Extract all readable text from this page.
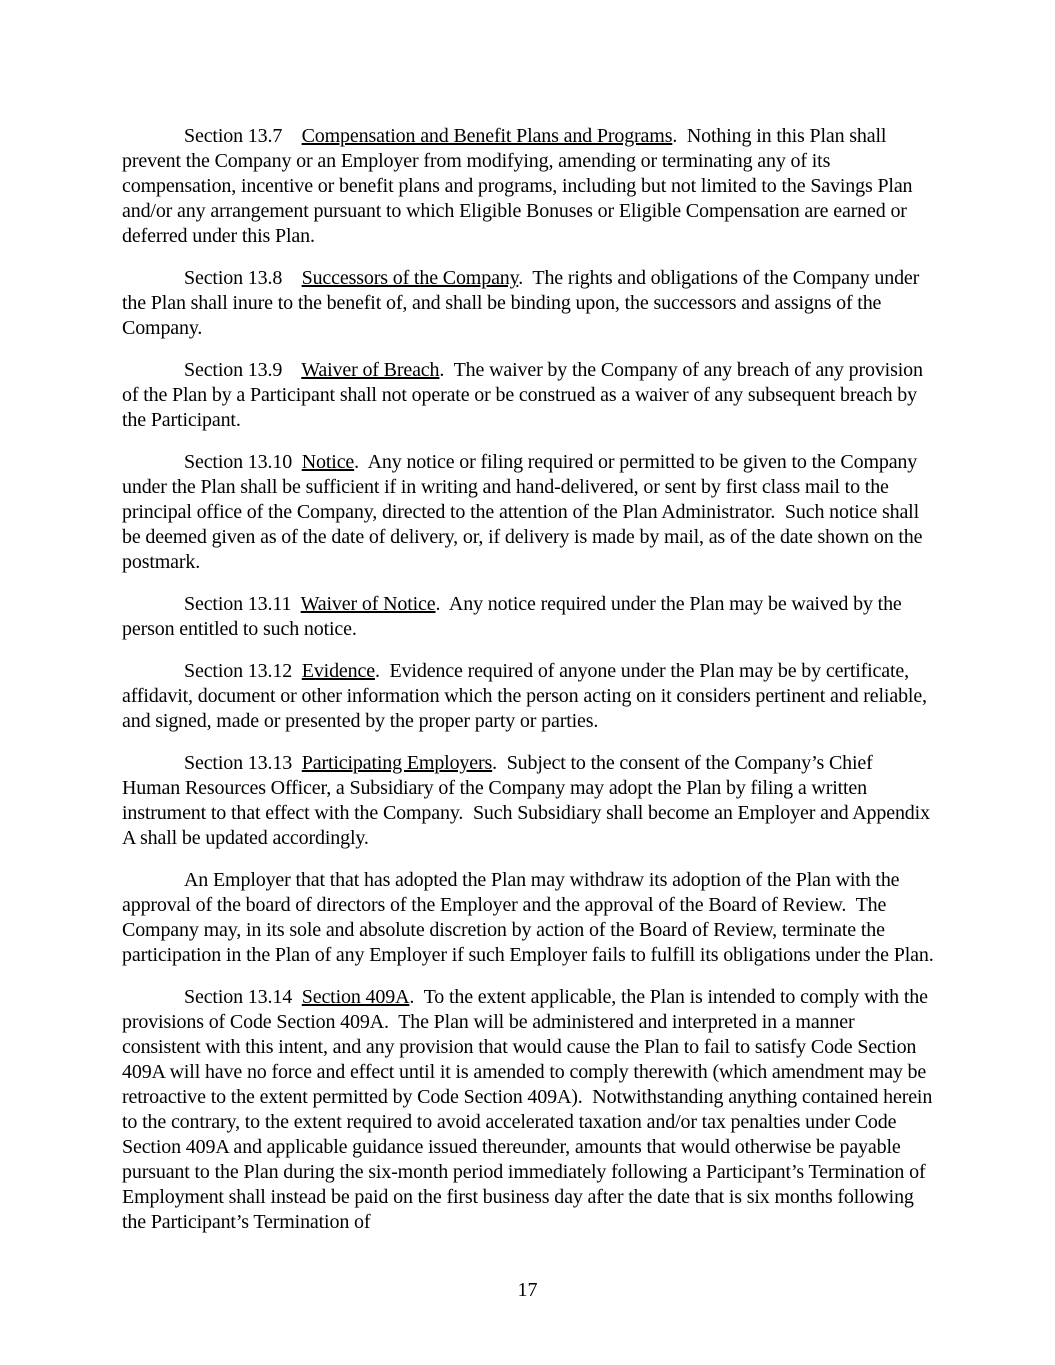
Section 13.7 Compensation and Benefit Plans and Programs.  Nothing in this Plan shall prevent the Company or an Employer from modifying, amending or terminating any of its compensation, incentive or benefit plans and programs, including but not limited to the Savings Plan and/or any arrangement pursuant to which Eligible Bonuses or Eligible Compensation are earned or deferred under this Plan.

Section 13.8 Successors of the Company.  The rights and obligations of the Company under the Plan shall inure to the benefit of, and shall be binding upon, the successors and assigns of the Company.

Section 13.9 Waiver of Breach.  The waiver by the Company of any breach of any provision of the Plan by a Participant shall not operate or be construed as a waiver of any subsequent breach by the Participant.

Section 13.10 Notice.  Any notice or filing required or permitted to be given to the Company under the Plan shall be sufficient if in writing and hand-delivered, or sent by first class mail to the principal office of the Company, directed to the attention of the Plan Administrator.  Such notice shall be deemed given as of the date of delivery, or, if delivery is made by mail, as of the date shown on the postmark.

Section 13.11 Waiver of Notice.  Any notice required under the Plan may be waived by the person entitled to such notice.

Section 13.12 Evidence.  Evidence required of anyone under the Plan may be by certificate, affidavit, document or other information which the person acting on it considers pertinent and reliable, and signed, made or presented by the proper party or parties.

Section 13.13 Participating Employers.  Subject to the consent of the Company’s Chief Human Resources Officer, a Subsidiary of the Company may adopt the Plan by filing a written instrument to that effect with the Company.  Such Subsidiary shall become an Employer and Appendix A shall be updated accordingly.

An Employer that that has adopted the Plan may withdraw its adoption of the Plan with the approval of the board of directors of the Employer and the approval of the Board of Review.  The Company may, in its sole and absolute discretion by action of the Board of Review, terminate the participation in the Plan of any Employer if such Employer fails to fulfill its obligations under the Plan.

Section 13.14 Section 409A.  To the extent applicable, the Plan is intended to comply with the provisions of Code Section 409A.  The Plan will be administered and interpreted in a manner consistent with this intent, and any provision that would cause the Plan to fail to satisfy Code Section 409A will have no force and effect until it is amended to comply therewith (which amendment may be retroactive to the extent permitted by Code Section 409A).  Notwithstanding anything contained herein to the contrary, to the extent required to avoid accelerated taxation and/or tax penalties under Code Section 409A and applicable guidance issued thereunder, amounts that would otherwise be payable pursuant to the Plan during the six-month period immediately following a Participant’s Termination of Employment shall instead be paid on the first business day after the date that is six months following the Participant’s Termination of

17
